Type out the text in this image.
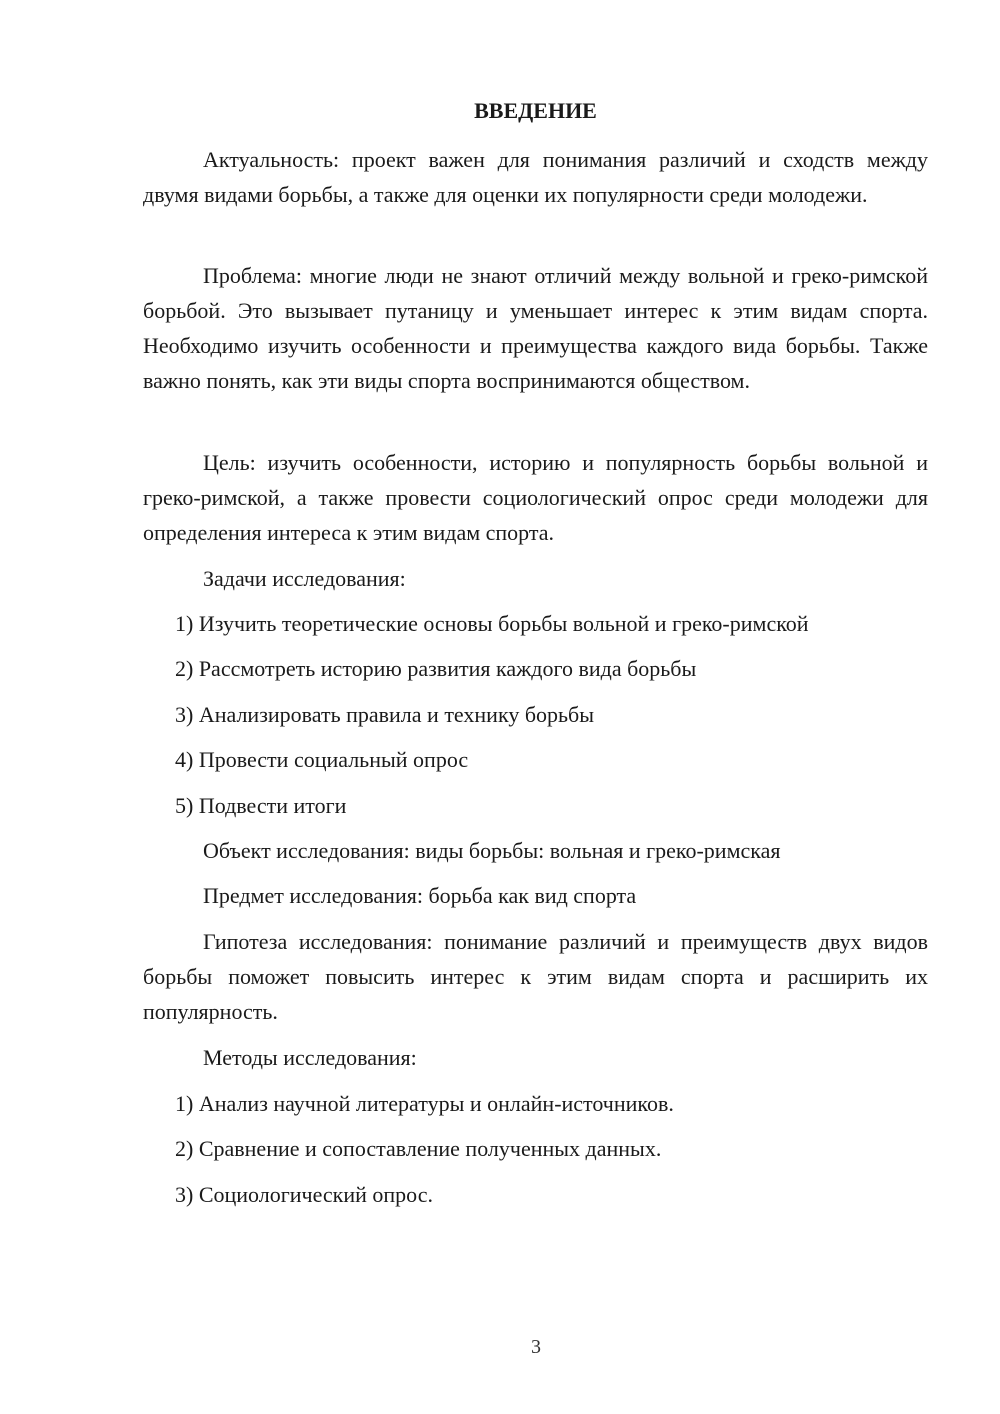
ВВЕДЕНИЕ

Актуальность: проект важен для понимания различий и сходств между двумя видами борьбы, а также для оценки их популярности среди молодежи.

Проблема: многие люди не знают отличий между вольной и греко-римской борьбой. Это вызывает путаницу и уменьшает интерес к этим видам спорта. Необходимо изучить особенности и преимущества каждого вида борьбы. Также важно понять, как эти виды спорта воспринимаются обществом.

Цель: изучить особенности, историю и популярность борьбы вольной и греко-римской, а также провести социологический опрос среди молодежи для определения интереса к этим видам спорта.

Задачи исследования:

1) Изучить теоретические основы борьбы вольной и греко-римской

2) Рассмотреть историю развития каждого вида борьбы

3) Анализировать правила и технику борьбы

4) Провести социальный опрос

5) Подвести итоги

Объект исследования: виды борьбы: вольная и греко-римская

Предмет исследования: борьба как вид спорта

Гипотеза исследования: понимание различий и преимуществ двух видов борьбы поможет повысить интерес к этим видам спорта и расширить их популярность.

Методы исследования:

1) Анализ научной литературы и онлайн-источников.

2) Сравнение и сопоставление полученных данных.

3) Социологический опрос.

3
